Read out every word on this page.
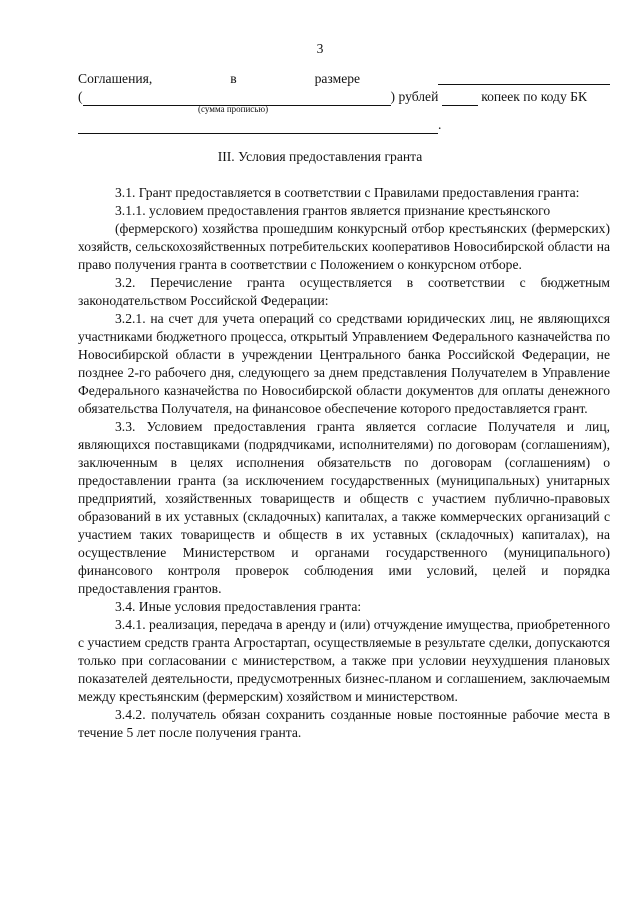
3
Соглашения,	в	размере
(	) рублей	копеек по коду БК
(сумма прописью)
.
III. Условия предоставления гранта

3.1. Грант предоставляется в соответствии с Правилами предоставления гранта:

3.1.1. условием предоставления грантов является признание крестьянского

(фермерского) хозяйства прошедшим конкурсный отбор крестьянских (фермерских) хозяйств, сельскохозяйственных потребительских кооперативов Новосибирской области на право получения гранта в соответствии с Положением о конкурсном отборе.

3.2. Перечисление гранта осуществляется в соответствии с бюджетным законодательством Российской Федерации:

3.2.1. на счет для учета операций со средствами юридических лиц, не являющихся участниками бюджетного процесса, открытый Управлением Федерального казначейства по Новосибирской области в учреждении Центрального банка Российской Федерации, не позднее 2-го рабочего дня, следующего за днем представления Получателем в Управление Федерального казначейства по Новосибирской области документов для оплаты денежного обязательства Получателя, на финансовое обеспечение которого предоставляется грант.

3.3. Условием предоставления гранта является согласие Получателя и лиц, являющихся поставщиками (подрядчиками, исполнителями) по договорам (соглашениям), заключенным в целях исполнения обязательств по договорам (соглашениям) о предоставлении гранта (за исключением государственных (муниципальных) унитарных предприятий, хозяйственных товариществ и обществ с участием публично-правовых образований в их уставных (складочных) капиталах, а также коммерческих организаций с участием таких товариществ и обществ в их уставных (складочных) капиталах), на осуществление Министерством и органами государственного (муниципального) финансового контроля проверок соблюдения ими условий, целей и порядка предоставления грантов.

3.4. Иные условия предоставления гранта:

3.4.1. реализация, передача в аренду и (или) отчуждение имущества, приобретенного с участием средств гранта Агростартап, осуществляемые в результате сделки, допускаются только при согласовании с министерством, а также при условии неухудшения плановых показателей деятельности, предусмотренных бизнес-планом и соглашением, заключаемым между крестьянским (фермерским) хозяйством и министерством.

3.4.2. получатель обязан сохранить созданные новые постоянные рабочие места в течение 5 лет после получения гранта.
